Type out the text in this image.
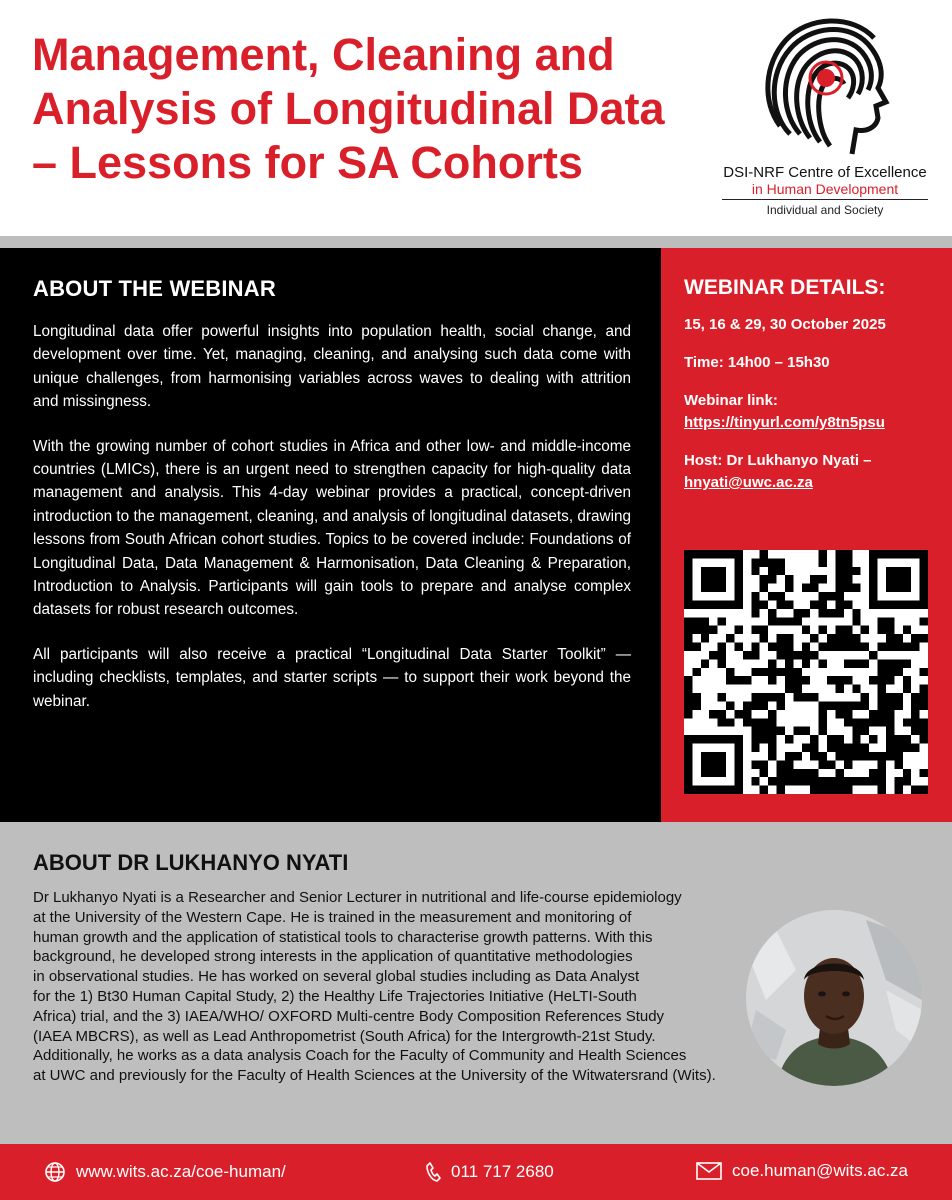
Management, Cleaning and
Analysis of Longitudinal Data
– Lessons for SA Cohorts	DSI-NRF Centre of Excellence
in Human Development
Individual and Society
ABOUT THE WEBINAR

Longitudinal data offer powerful insights into population health, social change, and development over time. Yet, managing, cleaning, and analysing such data come with unique challenges, from harmonising variables across waves to dealing with attrition and missingness.

With the growing number of cohort studies in Africa and other low- and middle-income countries (LMICs), there is an urgent need to strengthen capacity for high-quality data management and analysis. This 4-day webinar provides a practical, concept-driven introduction to the management, cleaning, and analysis of longitudinal datasets, drawing lessons from South African cohort studies. Topics to be covered include: Foundations of Longitudinal Data, Data Management & Harmonisation, Data Cleaning & Preparation, Introduction to Analysis. Participants will gain tools to prepare and analyse complex datasets for robust research outcomes.

All participants will also receive a practical “Longitudinal Data Starter Toolkit” — including checklists, templates, and starter scripts — to support their work beyond the webinar.

WEBINAR DETAILS:
15, 16 & 29, 30 October 2025
Time: 14h00 – 15h30
Webinar link:
https://tinyurl.com/y8tn5psu
Host: Dr Lukhanyo Nyati –
hnyati@uwc.ac.za
ABOUT DR LUKHANYO NYATI
Dr Lukhanyo Nyati is a Researcher and Senior Lecturer in nutritional and life-course epidemiology
at the University of the Western Cape. He is trained in the measurement and monitoring of
human growth and the application of statistical tools to characterise growth patterns. With this
background, he developed strong interests in the application of quantitative methodologies
in observational studies. He has worked on several global studies including as Data Analyst
for the 1) Bt30 Human Capital Study, 2) the Healthy Life Trajectories Initiative (HeLTI-South
Africa) trial, and the 3) IAEA/WHO/ OXFORD Multi-centre Body Composition References Study
(IAEA MBCRS), as well as Lead Anthropometrist (South Africa) for the Intergrowth-21st Study.
Additionally, he works as a data analysis Coach for the Faculty of Community and Health Sciences
at UWC and previously for the Faculty of Health Sciences at the University of the Witwatersrand (Wits).
www.wits.ac.za/coe-human/	011 717 2680	coe.human@wits.ac.za
